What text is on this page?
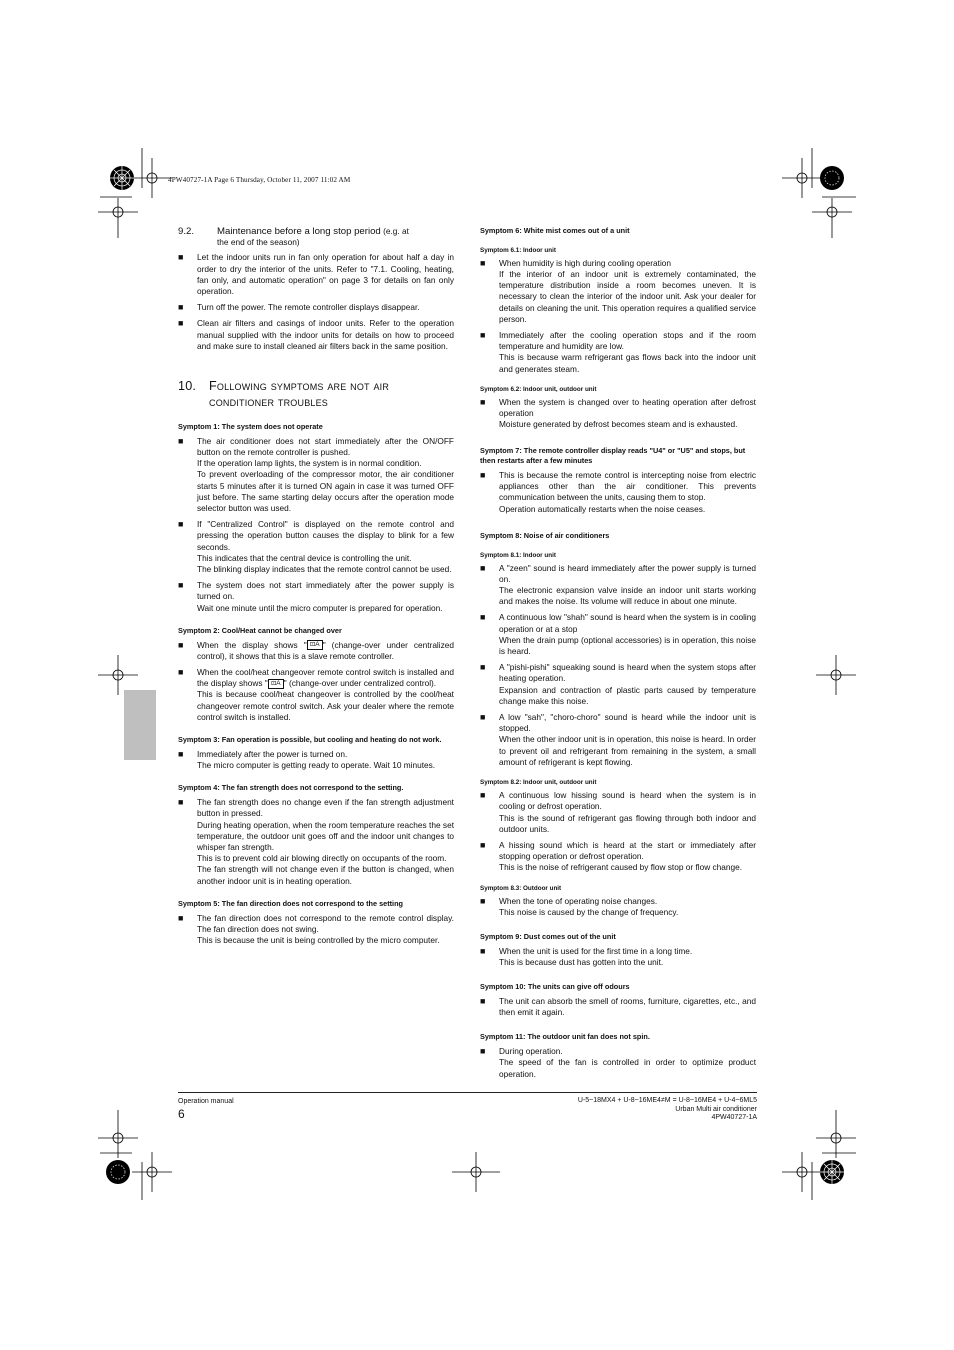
4PW40727-1A Page 6 Thursday, October 11, 2007 11:02 AM
9.2. Maintenance before a long stop period (e.g. at
the end of the season)
■	Let the indoor units run in fan only operation for about half a day in order to dry the interior of the units. Refer to "7.1. Cooling, heating, fan only, and automatic operation" on page 3 for details on fan only operation.

■	Turn off the power. The remote controller displays disappear.

■	Clean air filters and casings of indoor units. Refer to the operation manual supplied with the indoor units for details on how to proceed and make sure to install cleaned air filters back in the same position.

10.	Following symptoms are not air
conditioner troubles
Symptom 1: The system does not operate
■	The air conditioner does not start immediately after the ON/OFF button on the remote controller is pushed.

If the operation lamp lights, the system is in normal condition.

To prevent overloading of the compressor motor, the air conditioner starts 5 minutes after it is turned ON again in case it was turned OFF just before. The same starting delay occurs after the operation mode selector button was used.

■	If "Centralized Control" is displayed on the remote control and pressing the operation button causes the display to blink for a few seconds.

This indicates that the central device is controlling the unit.

The blinking display indicates that the remote control cannot be used.

■	The system does not start immediately after the power supply is turned on.

Wait one minute until the micro computer is prepared for operation.

Symptom 2: Cool/Heat cannot be changed over
■	When the display shows " ⊡A " (change-over under centralized control), it shows that this is a slave remote controller.

■	When the cool/heat changeover remote control switch is installed and the display shows " ⊡A " (change-over under centralized control).

This is because cool/heat changeover is controlled by the cool/heat changeover remote control switch. Ask your dealer where the remote control switch is installed.

Symptom 3: Fan operation is possible, but cooling and heating do not work.
■	Immediately after the power is turned on.

The micro computer is getting ready to operate. Wait 10 minutes.

Symptom 4: The fan strength does not correspond to the setting.
■	The fan strength does no change even if the fan strength adjustment button in pressed.

During heating operation, when the room temperature reaches the set temperature, the outdoor unit goes off and the indoor unit changes to whisper fan strength.

This is to prevent cold air blowing directly on occupants of the room.

The fan strength will not change even if the button is changed, when another indoor unit is in heating operation.

Symptom 5: The fan direction does not correspond to the setting
■	The fan direction does not correspond to the remote control display. The fan direction does not swing.

This is because the unit is being controlled by the micro computer.

Symptom 6: White mist comes out of a unit
Symptom 6.1: Indoor unit
■	When humidity is high during cooling operation

If the interior of an indoor unit is extremely contaminated, the temperature distribution inside a room becomes uneven. It is necessary to clean the interior of the indoor unit. Ask your dealer for details on cleaning the unit. This operation requires a qualified service person.

■	Immediately after the cooling operation stops and if the room temperature and humidity are low.

This is because warm refrigerant gas flows back into the indoor unit and generates steam.

Symptom 6.2: Indoor unit, outdoor unit
■	When the system is changed over to heating operation after defrost operation

Moisture generated by defrost becomes steam and is exhausted.

Symptom 7: The remote controller display reads "U4" or "U5" and stops, but then restarts after a few minutes
■	This is because the remote control is intercepting noise from electric appliances other than the air conditioner. This prevents communication between the units, causing them to stop.

Operation automatically restarts when the noise ceases.

Symptom 8: Noise of air conditioners
Symptom 8.1: Indoor unit
■	A "zeen" sound is heard immediately after the power supply is turned on.

The electronic expansion valve inside an indoor unit starts working and makes the noise. Its volume will reduce in about one minute.

■	A continuous low "shah" sound is heard when the system is in cooling operation or at a stop

When the drain pump (optional accessories) is in operation, this noise is heard.

■	A "pishi-pishi" squeaking sound is heard when the system stops after heating operation.

Expansion and contraction of plastic parts caused by temperature change make this noise.

■	A low "sah", "choro-choro" sound is heard while the indoor unit is stopped.

When the other indoor unit is in operation, this noise is heard. In order to prevent oil and refrigerant from remaining in the system, a small amount of refrigerant is kept flowing.

Symptom 8.2: Indoor unit, outdoor unit
■	A continuous low hissing sound is heard when the system is in cooling or defrost operation.

This is the sound of refrigerant gas flowing through both indoor and outdoor units.

■	A hissing sound which is heard at the start or immediately after stopping operation or defrost operation.

This is the noise of refrigerant caused by flow stop or flow change.

Symptom 8.3: Outdoor unit
■	When the tone of operating noise changes.

This noise is caused by the change of frequency.

Symptom 9: Dust comes out of the unit
■	When the unit is used for the first time in a long time.

This is because dust has gotten into the unit.

Symptom 10: The units can give off odours
■	The unit can absorb the smell of rooms, furniture, cigarettes, etc., and then emit it again.

Symptom 11: The outdoor unit fan does not spin.
■	During operation.

The speed of the fan is controlled in order to optimize product operation.

Operation manual
6
U-5~18MX4 + U-8~16ME4≠M = U-8~16ME4 + U-4~6ML5
Urban Multi air conditioner
4PW40727-1A
